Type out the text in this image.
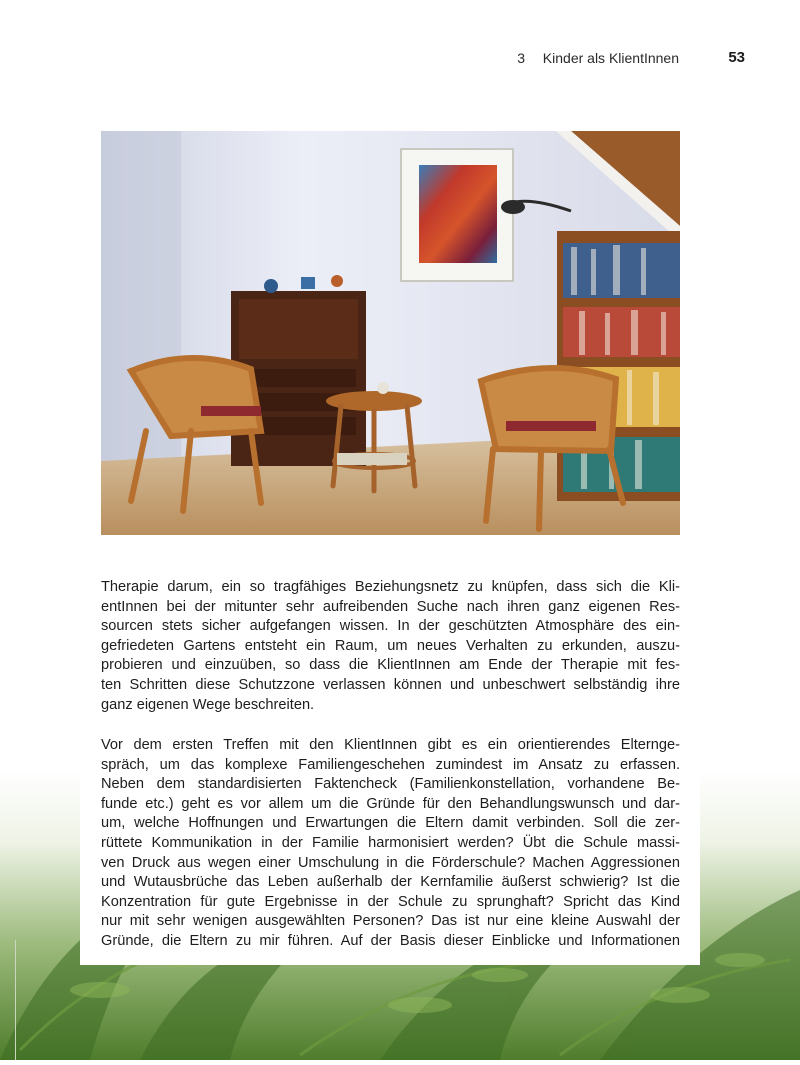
3 Kinder als KlientInnen	53
Therapie darum, ein so tragfähiges Beziehungsnetz zu knüpfen, dass sich die Kli-
entInnen bei der mitunter sehr aufreibenden Suche nach ihren ganz eigenen Res-
sourcen stets sicher aufgefangen wissen. In der geschützten Atmosphäre des ein-
gefriedeten Gartens entsteht ein Raum, um neues Verhalten zu erkunden, auszu-
probieren und einzuüben, so dass die KlientInnen am Ende der Therapie mit fes-
ten Schritten diese Schutzzone verlassen können und unbeschwert selbständig ihre
ganz eigenen Wege beschreiten.
Vor dem ersten Treffen mit den KlientInnen gibt es ein orientierendes Elternge-
spräch, um das komplexe Familiengeschehen zumindest im Ansatz zu erfassen.
Neben dem standardisierten Faktencheck (Familienkonstellation, vorhandene Be-
funde etc.) geht es vor allem um die Gründe für den Behandlungswunsch und dar-
um, welche Hoffnungen und Erwartungen die Eltern damit verbinden. Soll die zer-
rüttete Kommunikation in der Familie harmonisiert werden? Übt die Schule massi-
ven Druck aus wegen einer Umschulung in die Förderschule? Machen Aggressionen
und Wutausbrüche das Leben außerhalb der Kernfamilie äußerst schwierig? Ist die
Konzentration für gute Ergebnisse in der Schule zu sprunghaft? Spricht das Kind
nur mit sehr wenigen ausgewählten Personen? Das ist nur eine kleine Auswahl der
Gründe, die Eltern zu mir führen. Auf der Basis dieser Einblicke und Informationen
